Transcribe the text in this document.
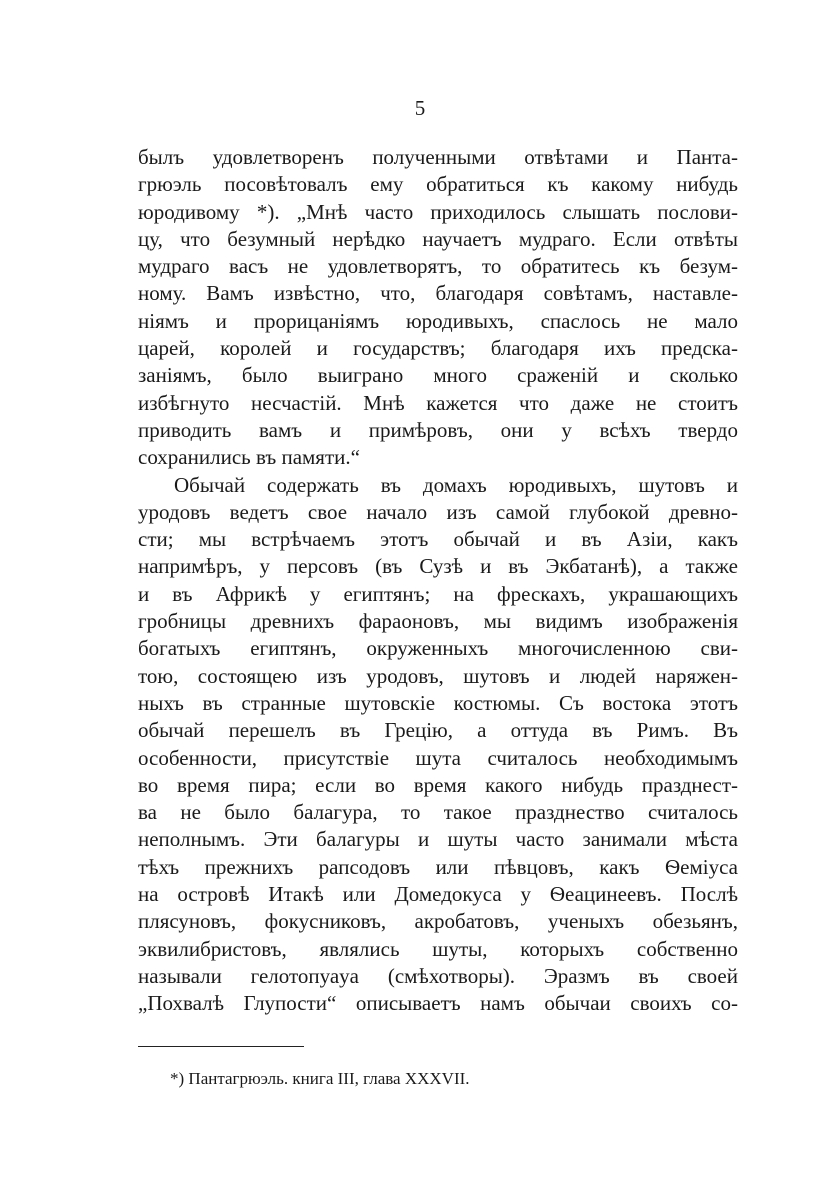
5
былъ удовлетворенъ полученными отвѣтами и Панта-
грюэль посовѣтовалъ ему обратиться къ какому нибудь
юродивому *). „Мнѣ часто приходилось слышать послови-
цу, что безумный нерѣдко научаетъ мудраго. Если отвѣты
мудраго васъ не удовлетворятъ, то обратитесь къ безум-
ному. Вамъ извѣстно, что, благодаря совѣтамъ, наставле-
ніямъ и прорицаніямъ юродивыхъ, спаслось не мало
царей, королей и государствъ; благодаря ихъ предска-
заніямъ, было выиграно много сраженій и сколько
избѣгнуто несчастій. Мнѣ кажется что даже не стоитъ
приводить вамъ и примѣровъ, они у всѣхъ твердо
сохранились въ памяти.“
Обычай содержать въ домахъ юродивыхъ, шутовъ и
уродовъ ведетъ свое начало изъ самой глубокой древно-
сти; мы встрѣчаемъ этотъ обычай и въ Азіи, какъ
напримѣръ, у персовъ (въ Сузѣ и въ Экбатанѣ), а также
и въ Африкѣ у египтянъ; на фрескахъ, украшающихъ
гробницы древнихъ фараоновъ, мы видимъ изображенія
богатыхъ египтянъ, окруженныхъ многочисленною сви-
тою, состоящею изъ уродовъ, шутовъ и людей наряжен-
ныхъ въ странные шутовскіе костюмы. Съ востока этотъ
обычай перешелъ въ Грецію, а оттуда въ Римъ. Въ
особенности, присутствіе шута считалось необходимымъ
во время пира; если во время какого нибудь празднест-
ва не было балагура, то такое празднество считалось
неполнымъ. Эти балагуры и шуты часто занимали мѣста
тѣхъ прежнихъ рапсодовъ или пѣвцовъ, какъ Ѳеміуса
на островѣ Итакѣ или Домедокуса у Ѳеацинеевъ. Послѣ
плясуновъ, фокусниковъ, акробатовъ, ученыхъ обезьянъ,
эквилибристовъ, являлись шуты, которыхъ собственно
называли гелотопуаyа (смѣхотворы). Эразмъ въ своей
„Похвалѣ Глупости“ описываетъ намъ обычаи своихъ со-
*) Пантагрюэль. книга III, глава XXXVII.
